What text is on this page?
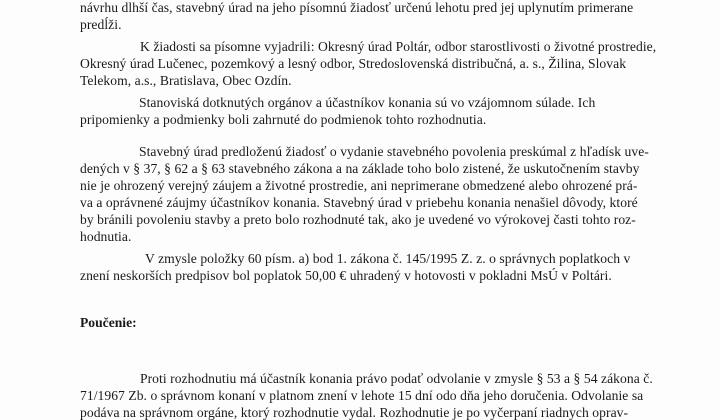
návrhu dlhší čas, stavebný úrad na jeho písomnú žiadosť určenú lehotu pred jej uplynutím primerane
predĺži.
K žiadosti sa písomne vyjadrili: Okresný úrad Poltár, odbor starostlivosti o životné prostredie,
Okresný úrad Lučenec, pozemkový a lesný odbor, Stredoslovenská distribučná, a. s., Žilina, Slovak
Telekom, a.s., Bratislava, Obec Ozdín.
Stanoviská dotknutých orgánov a účastníkov konania sú vo vzájomnom súlade. Ich
pripomienky a podmienky boli zahrnuté do podmienok tohto rozhodnutia.
Stavebný úrad predloženú žiadosť o vydanie stavebného povolenia preskúmal z hľadísk uve-
dených v § 37, § 62 a § 63 stavebného zákona a na základe toho bolo zistené, že uskutočnením stavby
nie je ohrozený verejný záujem a životné prostredie, ani neprimerane obmedzené alebo ohrozené prá-
va a oprávnené záujmy účastníkov konania. Stavebný úrad v priebehu konania nenašiel dôvody, ktoré
by bránili povoleniu stavby a preto bolo rozhodnuté tak, ako je uvedené vo výrokovej časti tohto roz-
hodnutia.
V zmysle položky 60 písm. a) bod 1. zákona č. 145/1995 Z. z. o správnych poplatkoch v
znení neskorších predpisov bol poplatok 50,00 € uhradený v hotovosti v pokladni MsÚ v Poltári.
Poučenie:
Proti rozhodnutiu má účastník konania právo podať odvolanie v zmysle § 53 a § 54 zákona č.
71/1967 Zb. o správnom konaní v platnom znení v lehote 15 dní odo dňa jeho doručenia. Odvolanie sa
podáva na správnom orgáne, ktorý rozhodnutie vydal. Rozhodnutie je po vyčerpaní riadnych oprav-
